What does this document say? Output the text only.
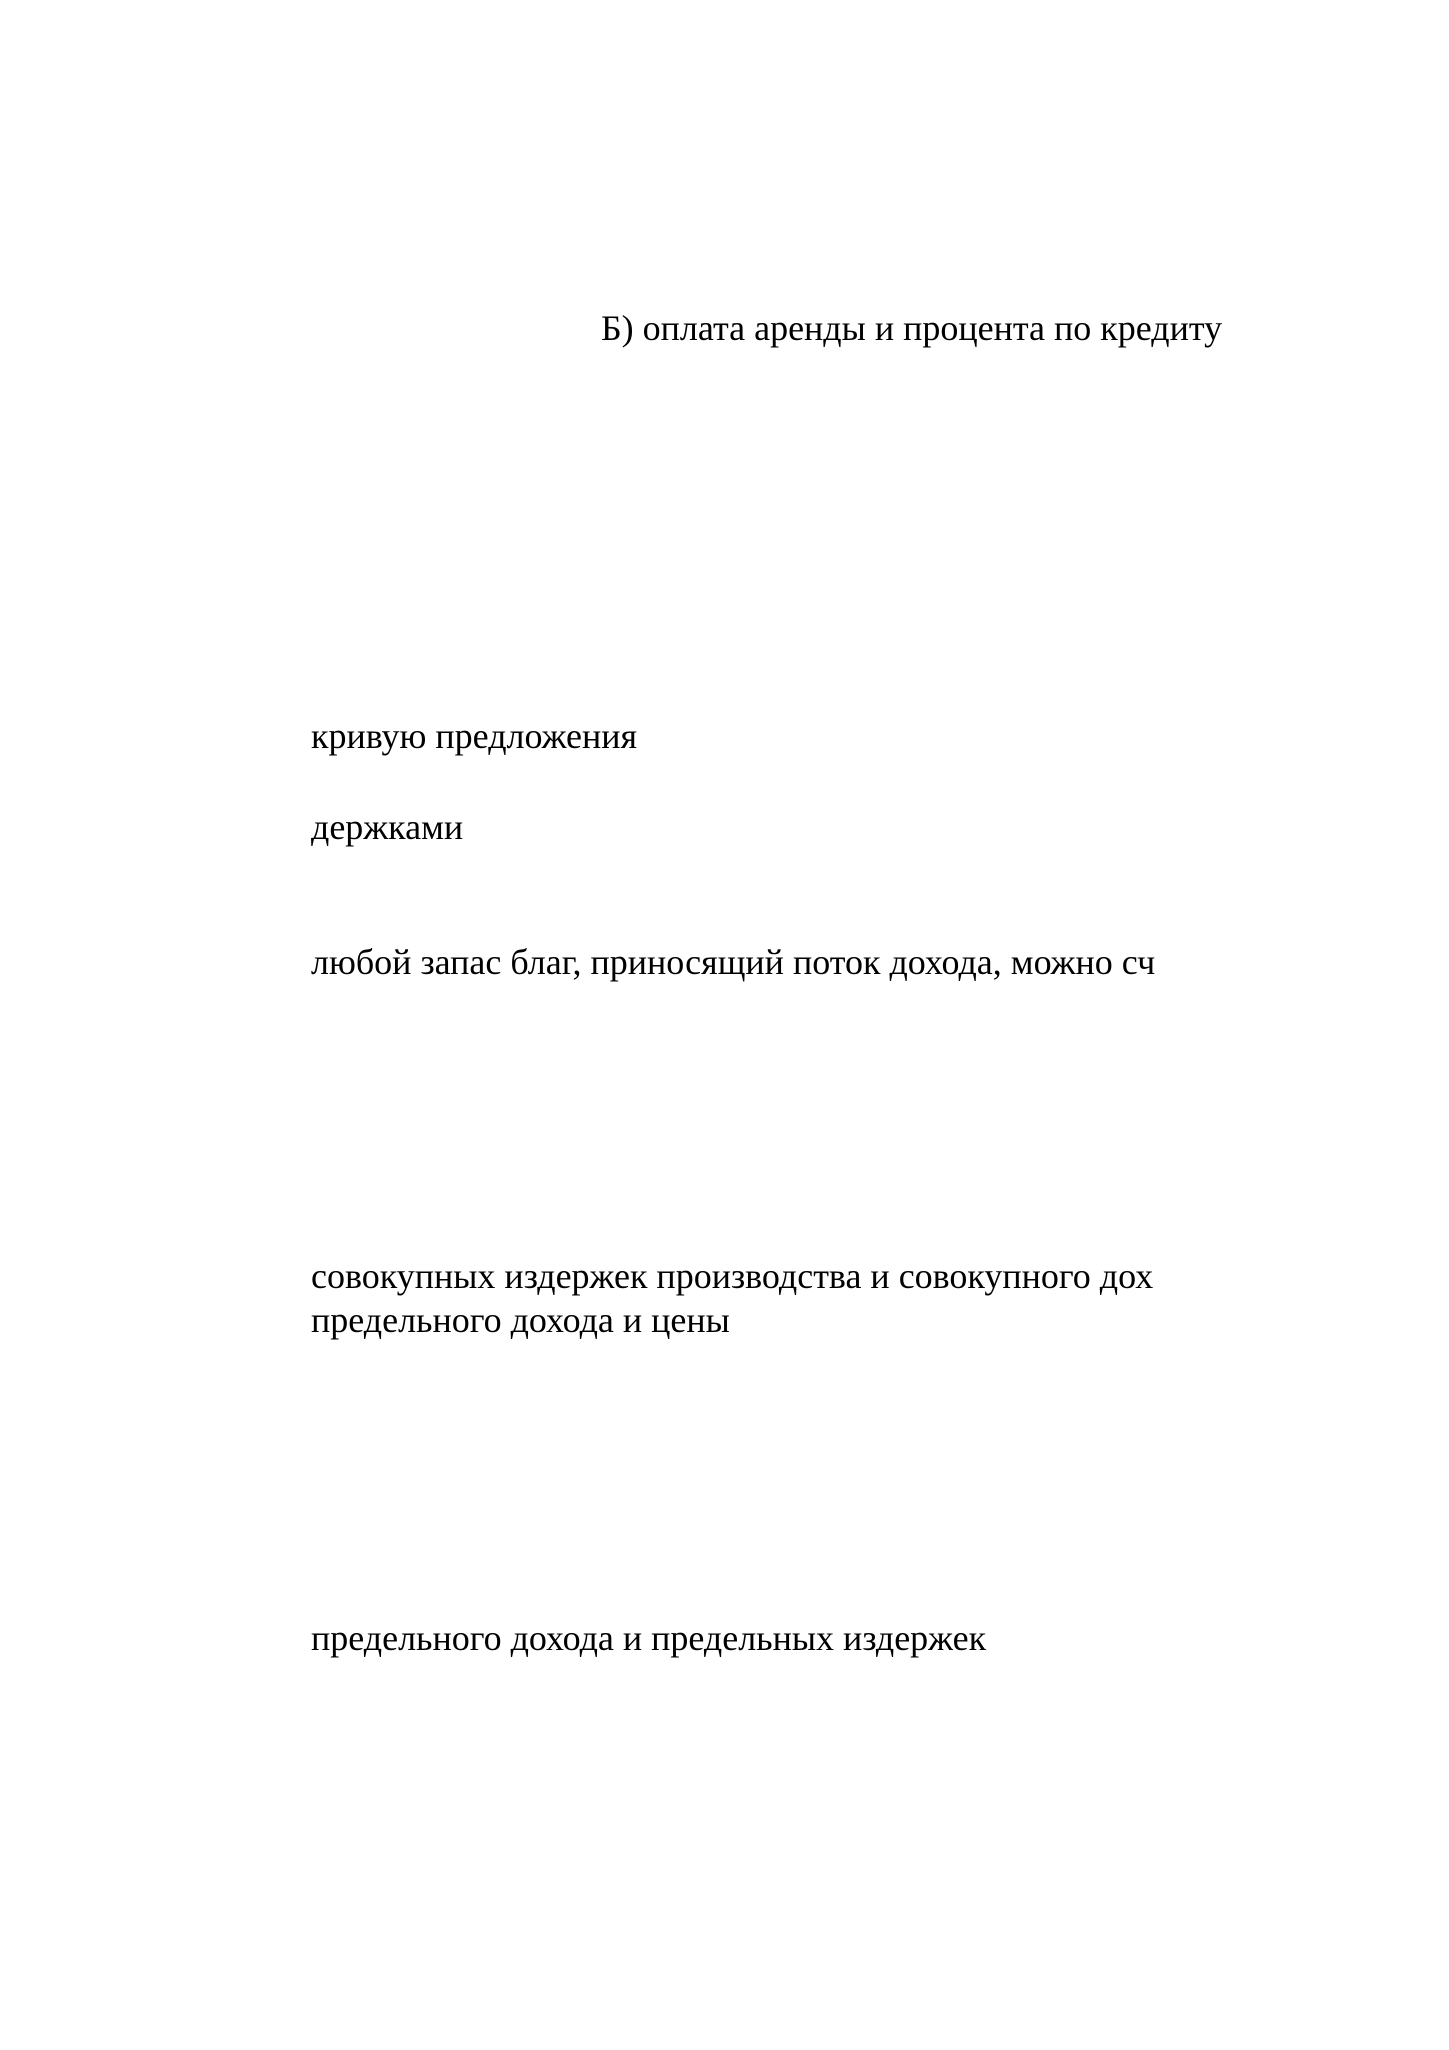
Б) оплата аренды и процента по кредиту

кривую предложения

держками

любой запас благ, приносящий поток дохода, можно сч

совокупных издержек производства и совокупного дох

предельного дохода и цены

предельного дохода и предельных издержек
